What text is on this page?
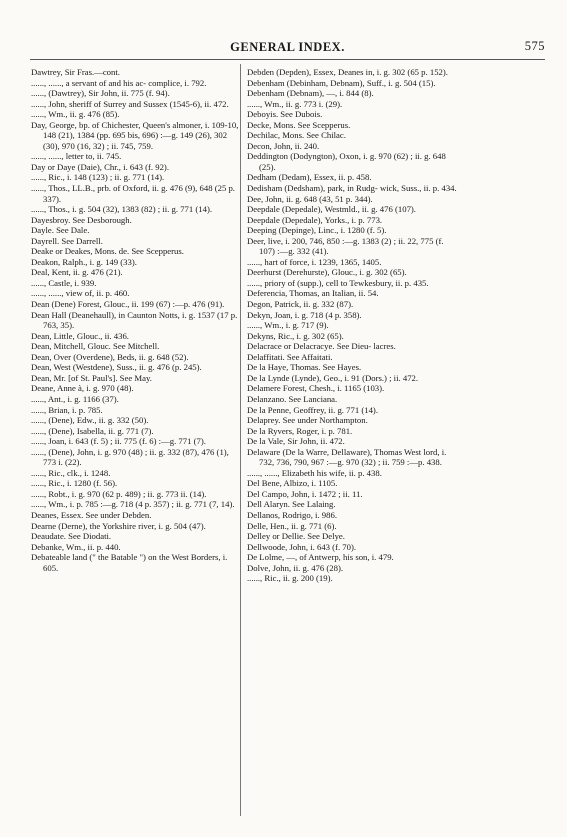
GENERAL INDEX.	575

Dawtrey, Sir Fras.—cont.

......, ......, a servant of and his ac- complice, i. 792.

......, (Dawtrey), Sir John, ii. 775 (f. 94).

......, John, sheriff of Surrey and Sussex (1545-6), ii. 472.

......, Wm., ii. g. 476 (85).

Day, George, bp. of Chichester, Queen's almoner, i. 109-10, 148 (21), 1384 (pp. 695 bis, 696) :—g. 149 (26), 302 (30), 970 (16, 32) ; ii. 745, 759.

......, ......, letter to, ii. 745.

Day or Daye (Daie), Chr., i. 643 (f. 92).

......, Ric., i. 148 (123) ; ii. g. 771 (14).

......, Thos., LL.B., prb. of Oxford, ii. g. 476 (9), 648 (25 p. 337).

......, Thos., i. g. 504 (32), 1383 (82) ; ii. g. 771 (14).

Dayesbroy. See Desborough.

Dayle. See Dale.

Dayrell. See Darrell.

Deake or Deakes, Mons. de. See Scepperus.

Deakon, Ralph., i. g. 149 (33).

Deal, Kent, ii. g. 476 (21).

......, Castle, i. 939.

......, ......, view of, ii. p. 460.

Dean (Dene) Forest, Glouc., ii. 199 (67) :—p. 476 (91).

Dean Hall (Deanehaull), in Caunton Notts, i. g. 1537 (17 p. 763, 35).

Dean, Little, Glouc., ii. 436.

Dean, Mitchell, Glouc. See Mitchell.

Dean, Over (Overdene), Beds, ii. g. 648 (52).

Dean, West (Westdene), Suss., ii. g. 476 (p. 245).

Dean, Mr. [of St. Paul's]. See May.

Deane, Anne à, i. g. 970 (48).

......, Ant., i. g. 1166 (37).

......, Brian, i. p. 785.

......, (Dene), Edw., ii. g. 332 (50).

......, (Dene), Isabella, ii. g. 771 (7).

......, Joan, i. 643 (f. 5) ; ii. 775 (f. 6) :—g. 771 (7).

......, (Dene), John, i. g. 970 (48) ; ii. g. 332 (87), 476 (1), 773 i. (22).

......, Ric., clk., i. 1248.

......, Ric., i. 1280 (f. 56).

......, Robt., i. g. 970 (62 p. 489) ; ii. g. 773 ii. (14).

......, Wm., i. p. 785 :—g. 718 (4 p. 357) ; ii. g. 771 (7, 14).

Deanes, Essex. See under Debden.

Dearne (Derne), the Yorkshire river, i. g. 504 (47).

Deaudate. See Diodati.

Debanke, Wm., ii. p. 440.

Debateable land (" the Batable ") on the West Borders, i. 605.

Debden (Depden), Essex, Deanes in, i. g. 302 (65 p. 152).

Debenham (Debinham, Debnam), Suff., i. g. 504 (15).

Debenham (Debnam), —, i. 844 (8).

......, Wm., ii. g. 773 i. (29).

Deboyis. See Dubois.

Decke, Mons. See Scepperus.

Dechilac, Mons. See Chilac.

Decon, John, ii. 240.

Deddington (Dodyngton), Oxon, i. g. 970 (62) ; ii. g. 648 (25).

Dedham (Dedam), Essex, ii. p. 458.

Dedisham (Dedsham), park, in Rudg- wick, Suss., ii. p. 434.

Dee, John, ii. g. 648 (43, 51 p. 344).

Deepdale (Depedale), Westmld., ii. g. 476 (107).

Deepdale (Depedale), Yorks., i. p. 773.

Deeping (Depinge), Linc., i. 1280 (f. 5).

Deer, live, i. 200, 746, 850 :—g. 1383 (2) ; ii. 22, 775 (f. 107) :—g. 332 (41).

......, hart of force, i. 1239, 1365, 1405.

Deerhurst (Derehurste), Glouc., i. g. 302 (65).

......, priory of (supp.), cell to Tewkesbury, ii. p. 435.

Deferencia, Thomas, an Italian, ii. 54.

Degon, Patrick, ii. g. 332 (87).

Dekyn, Joan, i. g. 718 (4 p. 358).

......, Wm., i. g. 717 (9).

Dekyns, Ric., i. g. 302 (65).

Delacrace or Delacracye. See Dieu- lacres.

Delaffitati. See Affaitati.

De la Haye, Thomas. See Hayes.

De la Lynde (Lynde), Geo., i. 91 (Dors.) ; ii. 472.

Delamere Forest, Chesh., i. 1165 (103).

Delanzano. See Lanciana.

De la Penne, Geoffrey, ii. g. 771 (14).

Delaprey. See under Northampton.

De la Ryvers, Roger, i. p. 781.

De la Vale, Sir John, ii. 472.

Delaware (De la Warre, Dellaware), Thomas West lord, i. 732, 736, 790, 967 :—g. 970 (32) ; ii. 759 :—p. 438.

......, ......, Elizabeth his wife, ii. p. 438.

Del Bene, Albizo, i. 1105.

Del Campo, John, i. 1472 ; ii. 11.

Dell Alaryn. See Lalaing.

Dellanos, Rodrigo, i. 986.

Delle, Hen., ii. g. 771 (6).

Delley or Dellie. See Delye.

Dellwoode, John, i. 643 (f. 70).

De Lolme, —, of Antwerp, his son, i. 479.

Dolve, John, ii. g. 476 (28).

......, Ric., ii. g. 200 (19).
